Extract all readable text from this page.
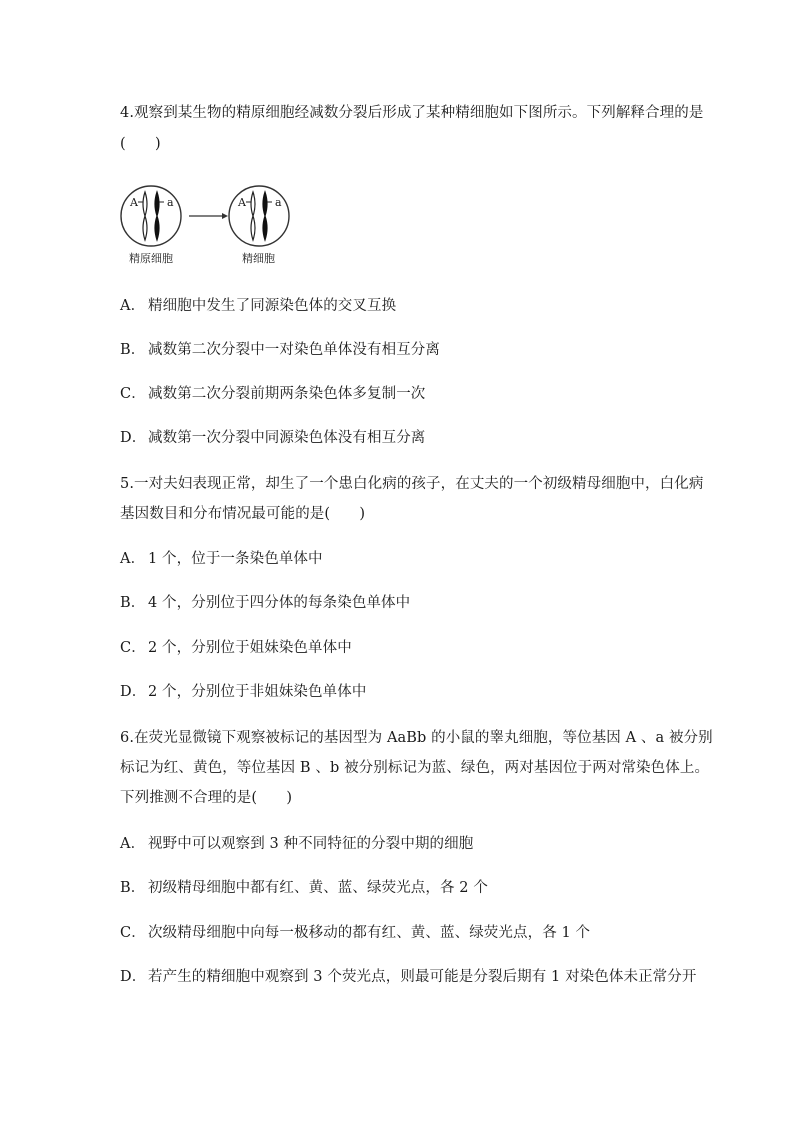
4.观察到某生物的精原细胞经减数分裂后形成了某种精细胞如下图所示。下列解释合理的是
(　　)
A	a	A	a
精原细胞	精细胞
A． 精细胞中发生了同源染色体的交叉互换
B． 减数第二次分裂中一对染色单体没有相互分离
C． 减数第二次分裂前期两条染色体多复制一次
D． 减数第一次分裂中同源染色体没有相互分离
5.一对夫妇表现正常，却生了一个患白化病的孩子，在丈夫的一个初级精母细胞中，白化病
基因数目和分布情况最可能的是(　　)
A． 1 个，位于一条染色单体中
B． 4 个，分别位于四分体的每条染色单体中
C． 2 个，分别位于姐妹染色单体中
D． 2 个，分别位于非姐妹染色单体中
6.在荧光显微镜下观察被标记的基因型为 AaBb 的小鼠的睾丸细胞，等位基因 A 、a 被分别
标记为红、黄色，等位基因 B 、b 被分别标记为蓝、绿色，两对基因位于两对常染色体上。
下列推测不合理的是(　　)
A． 视野中可以观察到 3 种不同特征的分裂中期的细胞
B． 初级精母细胞中都有红、黄、蓝、绿荧光点，各 2 个
C． 次级精母细胞中向每一极移动的都有红、黄、蓝、绿荧光点，各 1 个
D． 若产生的精细胞中观察到 3 个荧光点，则最可能是分裂后期有 1 对染色体未正常分开
